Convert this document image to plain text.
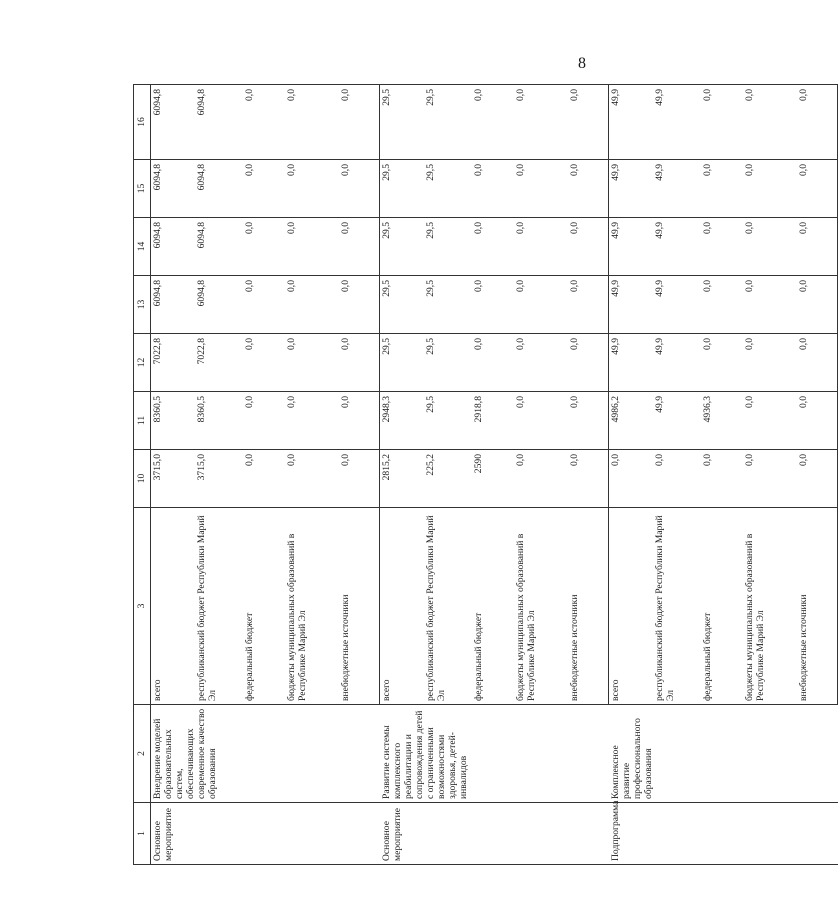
8
1	2	3	10	11	12	13	14	15	16
Основное мероприятие	Внедрение моделей образовательных систем, обеспечивающих современное качество образования	всего	3715,0	8360,5	7022,8	6094,8	6094,8	6094,8	6094,8
		республиканский бюджет Республики Марий Эл	3715,0	8360,5	7022,8	6094,8	6094,8	6094,8	6094,8
		федеральный бюджет	0,0	0,0	0,0	0,0	0,0	0,0	0,0
		бюджеты муниципальных образований в Республике Марий Эл	0,0	0,0	0,0	0,0	0,0	0,0	0,0
		внебюджетные источники	0,0	0,0	0,0	0,0	0,0	0,0	0,0
Основное мероприятие	Развитие системы комплексного реабилитации и сопровождения детей с ограниченными возможностями здоровья, детей-инвалидов	всего	2815,2	2948,3	29,5	29,5	29,5	29,5	29,5
		республиканский бюджет Республики Марий Эл	225,2	29,5	29,5	29,5	29,5	29,5	29,5
		федеральный бюджет	2590	2918,8	0,0	0,0	0,0	0,0	0,0
		бюджеты муниципальных образований в Республике Марий Эл	0,0	0,0	0,0	0,0	0,0	0,0	0,0
		внебюджетные источники	0,0	0,0	0,0	0,0	0,0	0,0	0,0
Подпрограмма	Комплексное развитие профессионального образования	всего	0,0	4986,2	49,9	49,9	49,9	49,9	49,9
		республиканский бюджет Республики Марий Эл	0,0	49,9	49,9	49,9	49,9	49,9	49,9
		федеральный бюджет	0,0	4936,3	0,0	0,0	0,0	0,0	0,0
		бюджеты муниципальных образований в Республике Марий Эл	0,0	0,0	0,0	0,0	0,0	0,0	0,0
		внебюджетные источники	0,0	0,0	0,0	0,0	0,0	0,0	0,0
